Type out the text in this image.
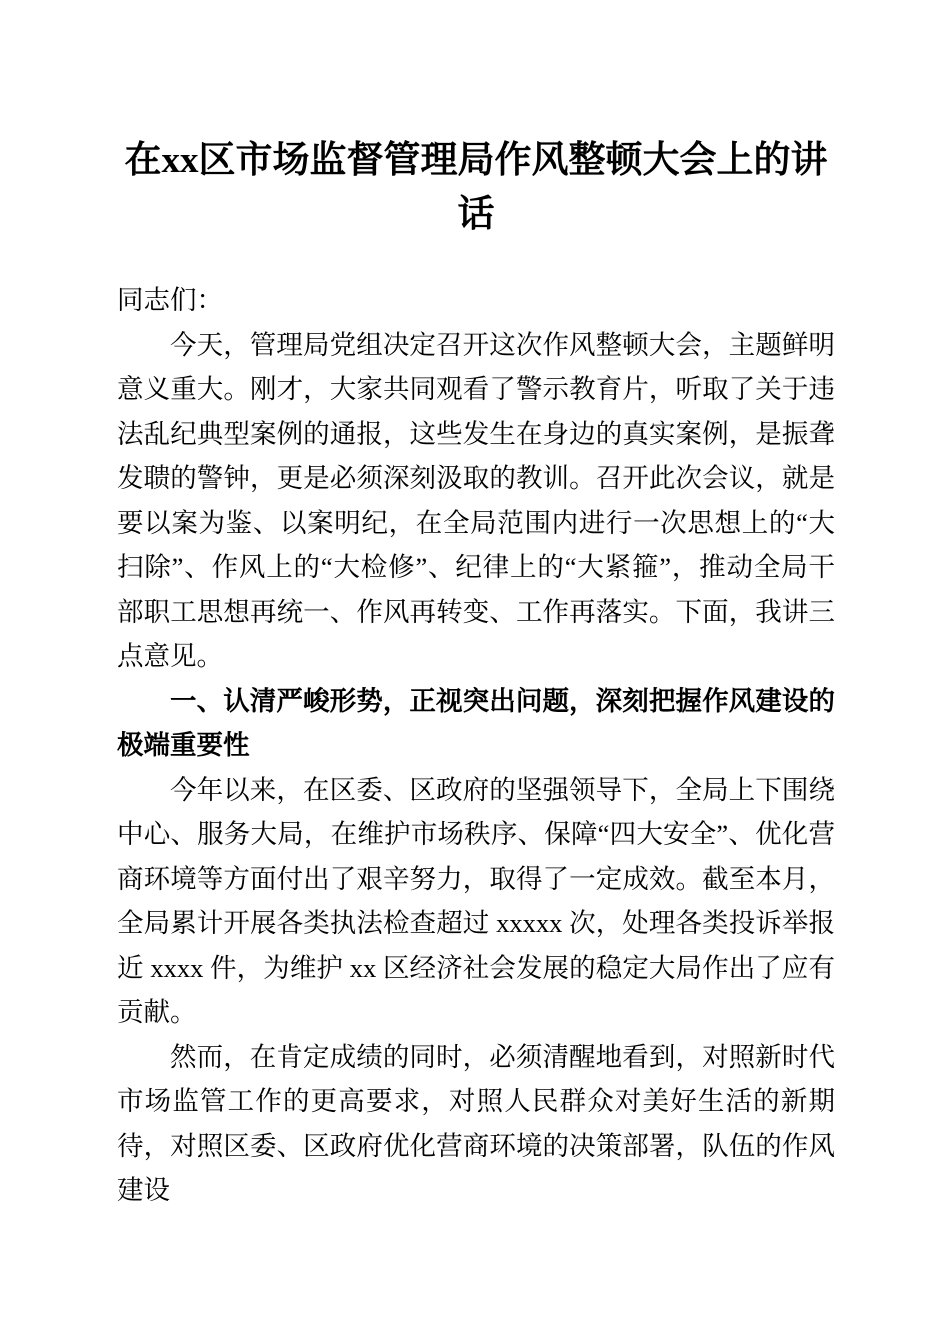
在xx区市场监督管理局作风整顿大会上的讲话

同志们：

今天，管理局党组决定召开这次作风整顿大会，主题鲜明意义重大。刚才，大家共同观看了警示教育片，听取了关于违法乱纪典型案例的通报，这些发生在身边的真实案例，是振聋发聩的警钟，更是必须深刻汲取的教训。召开此次会议，就是要以案为鉴、以案明纪，在全局范围内进行一次思想上的“大扫除”、作风上的“大检修”、纪律上的“大紧箍”，推动全局干部职工思想再统一、作风再转变、工作再落实。下面，我讲三点意见。

一、认清严峻形势，正视突出问题，深刻把握作风建设的极端重要性

今年以来，在区委、区政府的坚强领导下，全局上下围绕中心、服务大局，在维护市场秩序、保障“四大安全”、优化营商环境等方面付出了艰辛努力，取得了一定成效。截至本月，全局累计开展各类执法检查超过 xxxxx 次，处理各类投诉举报近 xxxx 件，为维护 xx 区经济社会发展的稳定大局作出了应有贡献。

然而，在肯定成绩的同时，必须清醒地看到，对照新时代市场监管工作的更高要求，对照人民群众对美好生活的新期待，对照区委、区政府优化营商环境的决策部署，队伍的作风建设
